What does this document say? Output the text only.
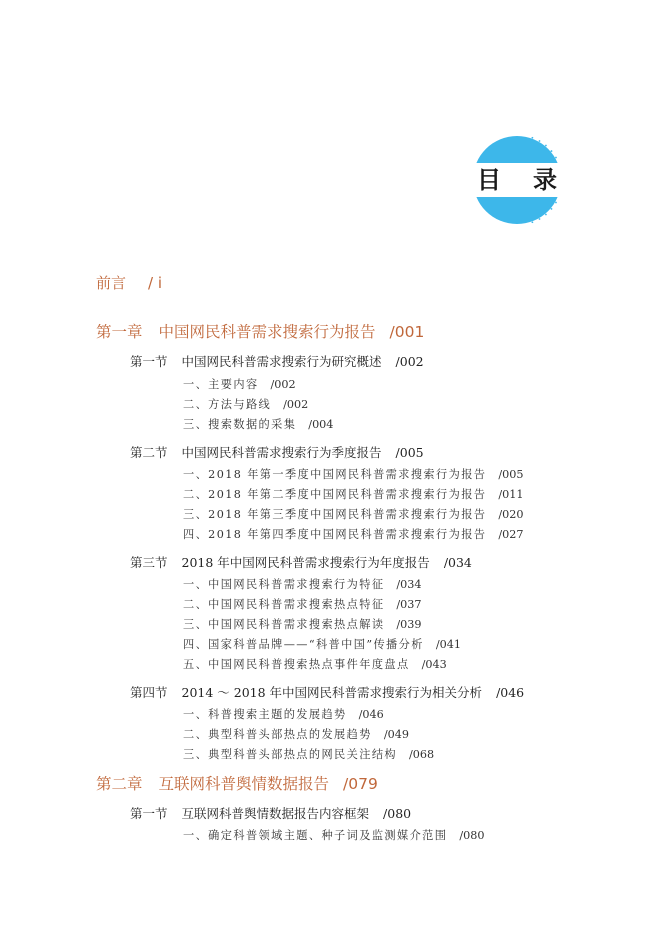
目 录
前言 / i
第一章 中国网民科普需求搜索行为报告 /001
第一节 中国网民科普需求搜索行为研究概述 /002
一、主要内容 /002
二、方法与路线 /002
三、搜索数据的采集 /004
第二节 中国网民科普需求搜索行为季度报告 /005
一、2018 年第一季度中国网民科普需求搜索行为报告 /005
二、2018 年第二季度中国网民科普需求搜索行为报告 /011
三、2018 年第三季度中国网民科普需求搜索行为报告 /020
四、2018 年第四季度中国网民科普需求搜索行为报告 /027
第三节 2018 年中国网民科普需求搜索行为年度报告 /034
一、中国网民科普需求搜索行为特征 /034
二、中国网民科普需求搜索热点特征 /037
三、中国网民科普需求搜索热点解读 /039
四、国家科普品牌——“科普中国”传播分析 /041
五、中国网民科普搜索热点事件年度盘点 /043
第四节 2014 ～ 2018 年中国网民科普需求搜索行为相关分析 /046
一、科普搜索主题的发展趋势 /046
二、典型科普头部热点的发展趋势 /049
三、典型科普头部热点的网民关注结构 /068
第二章 互联网科普舆情数据报告 /079
第一节 互联网科普舆情数据报告内容框架 /080
一、确定科普领域主题、种子词及监测媒介范围 /080
